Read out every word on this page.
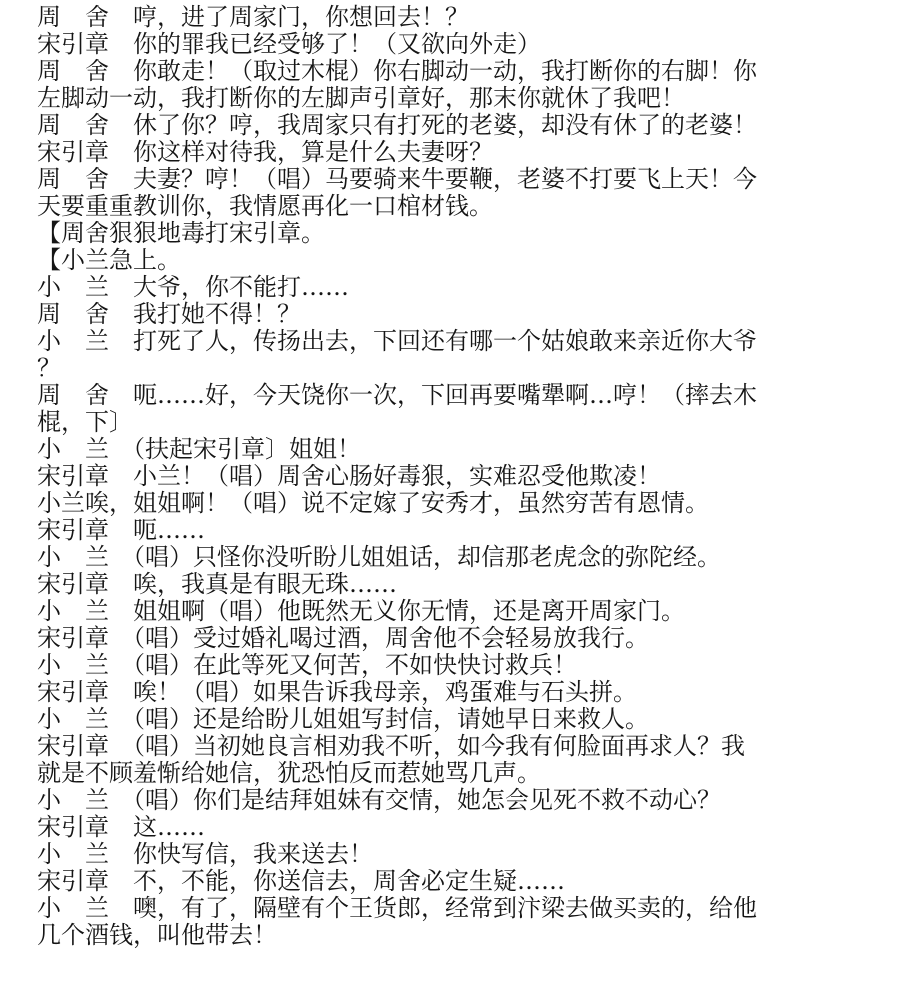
周　舍　哼，进了周家门，你想回去！？
宋引章　你的罪我已经受够了！（又欲向外走）
周　舍　你敢走！（取过木棍）你右脚动一动，我打断你的右脚！你
左脚动一动，我打断你的左脚声引章好，那末你就休了我吧！
周　舍　休了你？哼，我周家只有打死的老婆，却没有休了的老婆！
宋引章　你这样对待我，算是什么夫妻呀？
周　舍　夫妻？哼！（唱）马要骑来牛要鞭，老婆不打要飞上天！今
天要重重教训你，我情愿再化一口棺材钱。
【周舍狠狠地毒打宋引章。
【小兰急上。
小　兰　大爷，你不能打……
周　舍　我打她不得！？
小　兰　打死了人，传扬出去，下回还有哪一个姑娘敢来亲近你大爷
？
周　舍　呃……好，今天饶你一次，下回再要嘴犟啊…哼！（摔去木
棍，下〕
小　兰　（扶起宋引章〕姐姐！
宋引章　小兰！（唱）周舍心肠好毒狠，实难忍受他欺凌！
小兰唉，姐姐啊！（唱）说不定嫁了安秀才，虽然穷苦有恩情。
宋引章　呃……
小　兰　（唱）只怪你没听盼儿姐姐话，却信那老虎念的弥陀经。
宋引章　唉，我真是有眼无珠……
小　兰　姐姐啊（唱）他既然无义你无情，还是离开周家门。
宋引章　（唱）受过婚礼喝过酒，周舍他不会轻易放我行。
小　兰　（唱）在此等死又何苦，不如快快讨救兵！
宋引章　唉！（唱）如果告诉我母亲，鸡蛋难与石头拼。
小　兰　（唱）还是给盼儿姐姐写封信，请她早日来救人。
宋引章　（唱）当初她良言相劝我不听，如今我有何脸面再求人？我
就是不顾羞惭给她信，犹恐怕反而惹她骂几声。
小　兰　（唱）你们是结拜姐妹有交情，她怎会见死不救不动心？
宋引章　这……
小　兰　你快写信，我来送去！
宋引章　不，不能，你送信去，周舍必定生疑……
小　兰　噢，有了，隔壁有个王货郎，经常到汴梁去做买卖的，给他
几个酒钱，叫他带去！
